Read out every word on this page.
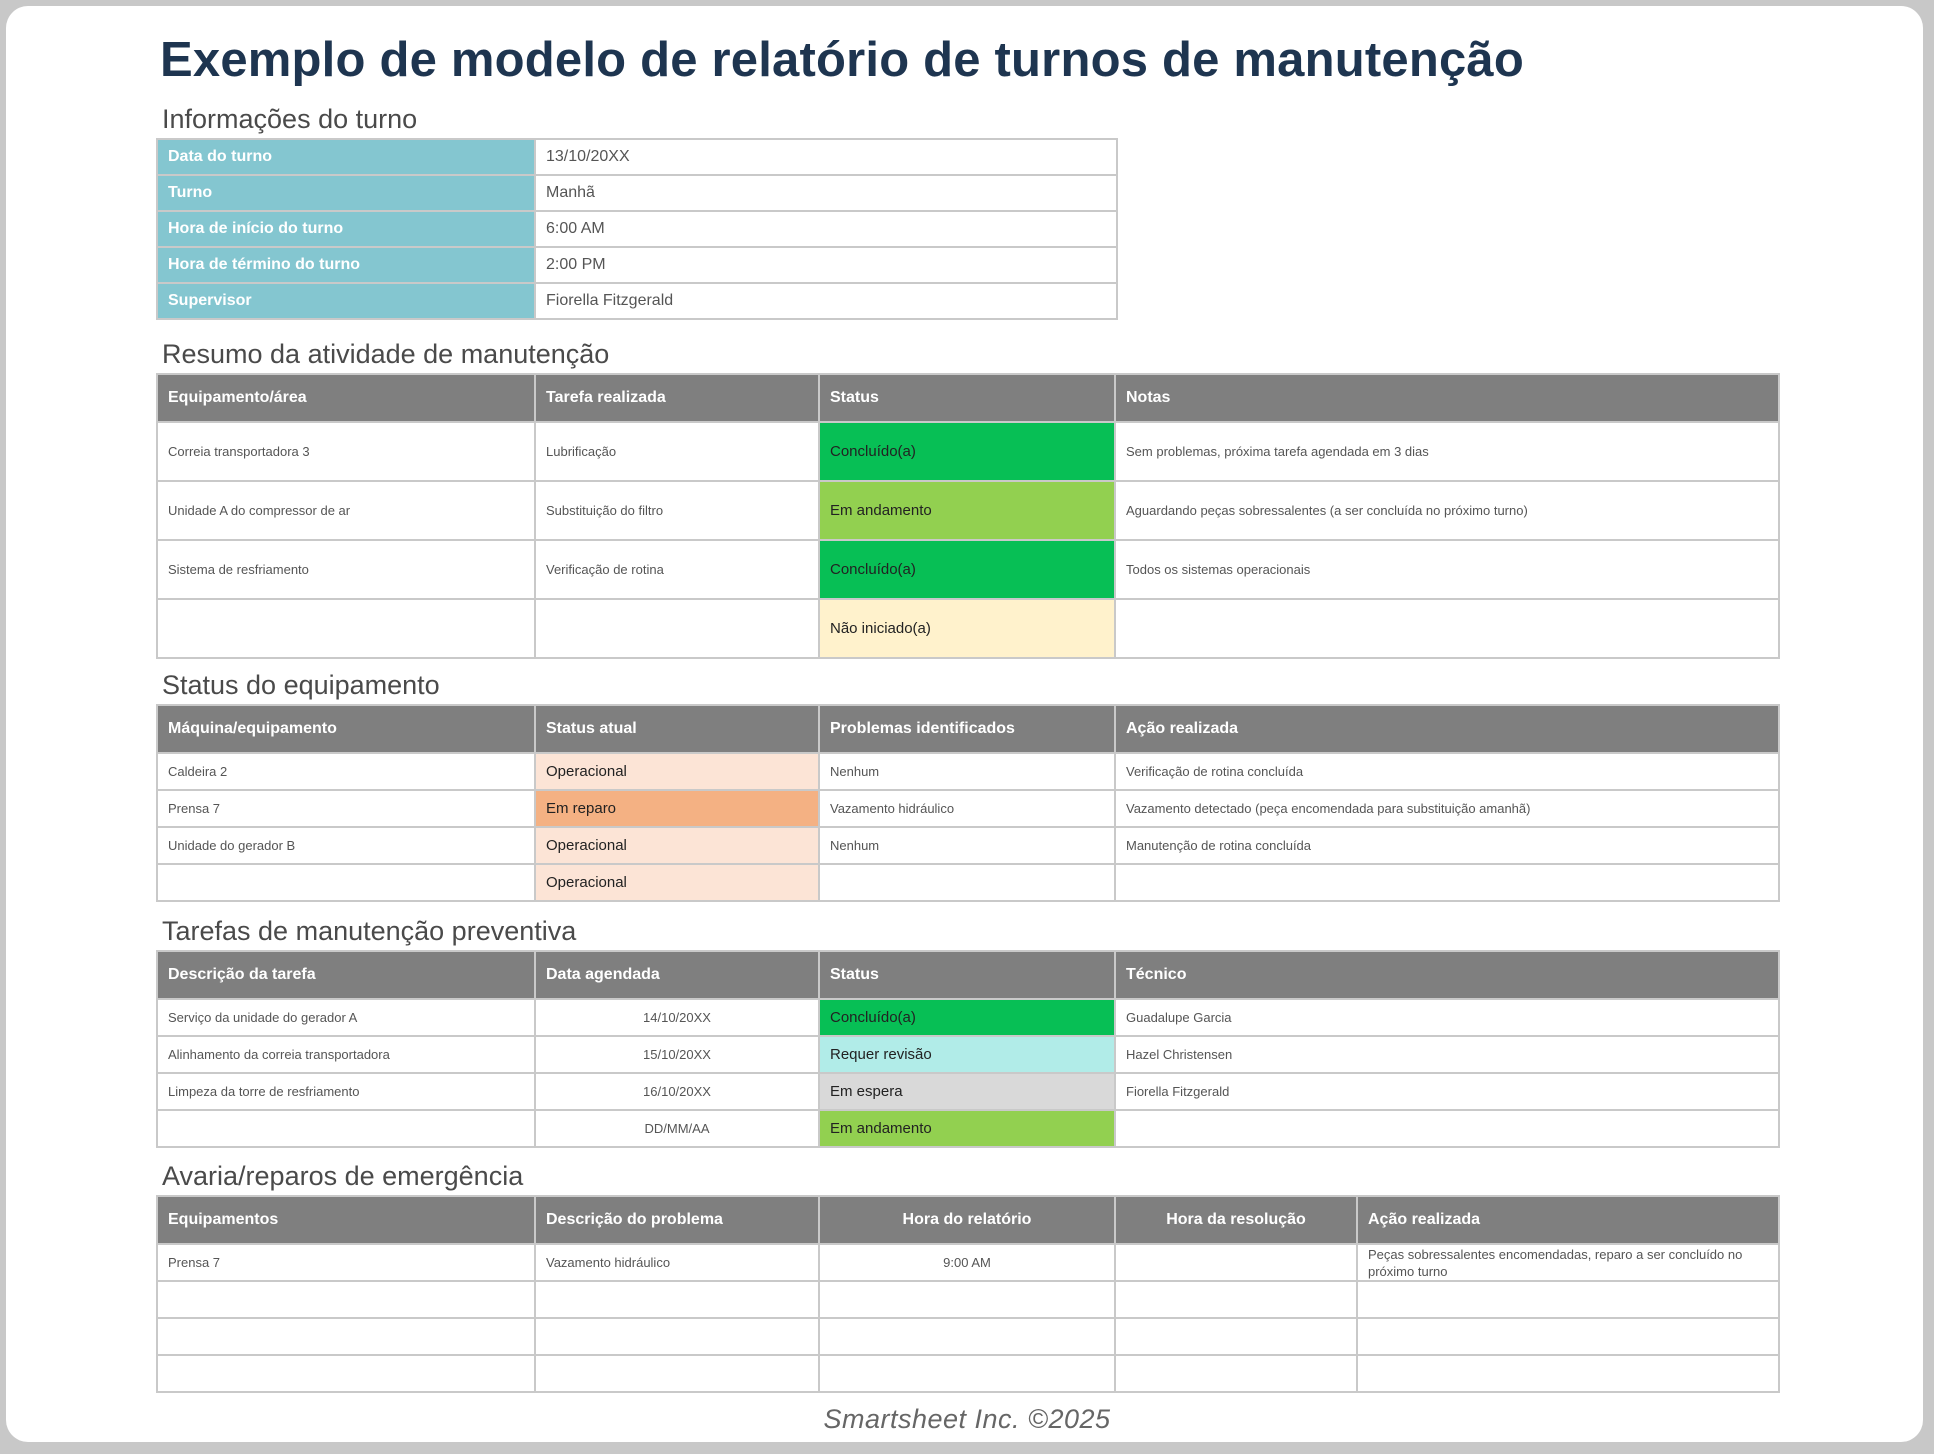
Exemplo de modelo de relatório de turnos de manutenção
Informações do turno
Data do turno	13/10/20XX
Turno	Manhã
Hora de início do turno	6:00 AM
Hora de término do turno	2:00 PM
Supervisor	Fiorella Fitzgerald
Resumo da atividade de manutenção
Equipamento/área	Tarefa realizada	Status	Notas
Correia transportadora 3	Lubrificação	Concluído(a)	Sem problemas, próxima tarefa agendada em 3 dias
Unidade A do compressor de ar	Substituição do filtro	Em andamento	Aguardando peças sobressalentes (a ser concluída no próximo turno)
Sistema de resfriamento	Verificação de rotina	Concluído(a)	Todos os sistemas operacionais
		Não iniciado(a)	
Status do equipamento
Máquina/equipamento	Status atual	Problemas identificados	Ação realizada
Caldeira 2	Operacional	Nenhum	Verificação de rotina concluída
Prensa 7	Em reparo	Vazamento hidráulico	Vazamento detectado (peça encomendada para substituição amanhã)
Unidade do gerador B	Operacional	Nenhum	Manutenção de rotina concluída
	Operacional		
Tarefas de manutenção preventiva
Descrição da tarefa	Data agendada	Status	Técnico
Serviço da unidade do gerador A	14/10/20XX	Concluído(a)	Guadalupe Garcia
Alinhamento da correia transportadora	15/10/20XX	Requer revisão	Hazel Christensen
Limpeza da torre de resfriamento	16/10/20XX	Em espera	Fiorella Fitzgerald
	DD/MM/AA	Em andamento	
Avaria/reparos de emergência
Equipamentos	Descrição do problema	Hora do relatório	Hora da resolução	Ação realizada
Prensa 7	Vazamento hidráulico	9:00 AM		Peças sobressalentes encomendadas, reparo a ser concluído no próximo turno

Smartsheet Inc. ©2025
